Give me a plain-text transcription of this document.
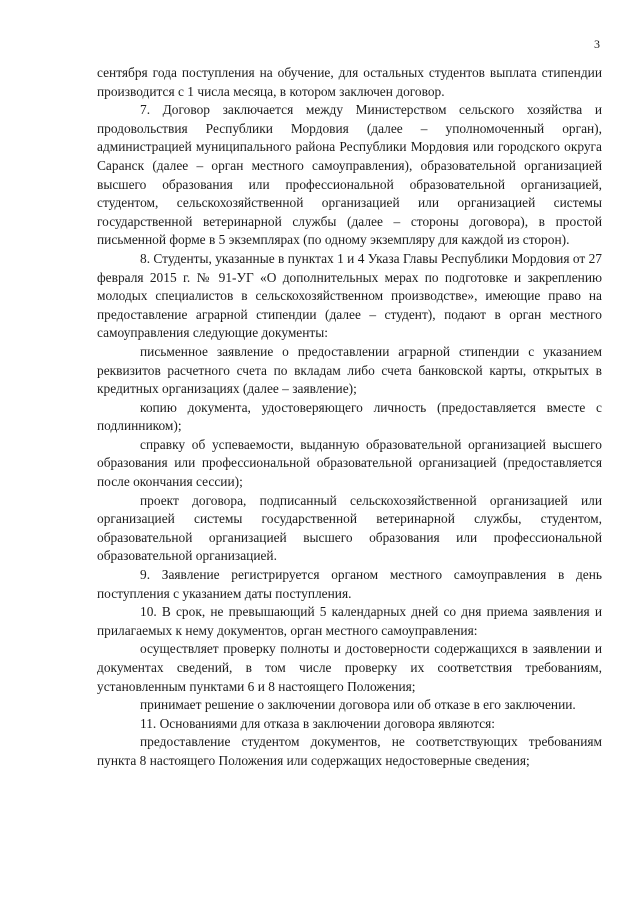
3

сентября года поступления на обучение, для остальных студентов выплата стипендии производится с 1 числа месяца, в котором заключен договор.

7. Договор заключается между Министерством сельского хозяйства и продовольствия Республики Мордовия (далее – уполномоченный орган), администрацией муниципального района Республики Мордовия или городского округа Саранск (далее – орган местного самоуправления), образовательной организацией высшего образования или профессиональной образовательной организацией, студентом, сельскохозяйственной организацией или организацией системы государственной ветеринарной службы (далее – стороны договора), в простой письменной форме в 5 экземплярах (по одному экземпляру для каждой из сторон).

8. Студенты, указанные в пунктах 1 и 4 Указа Главы Республики Мордовия от 27 февраля 2015 г. № 91-УГ «О дополнительных мерах по подготовке и закреплению молодых специалистов в сельскохозяйственном производстве», имеющие право на предоставление аграрной стипендии (далее – студент), подают в орган местного самоуправления следующие документы:

письменное заявление о предоставлении аграрной стипендии с указанием реквизитов расчетного счета по вкладам либо счета банковской карты, открытых в кредитных организациях (далее – заявление);

копию документа, удостоверяющего личность (предоставляется вместе с подлинником);

справку об успеваемости, выданную образовательной организацией высшего образования или профессиональной образовательной организацией (предоставляется после окончания сессии);

проект договора, подписанный сельскохозяйственной организацией или организацией системы государственной ветеринарной службы, студентом, образовательной организацией высшего образования или профессиональной образовательной организацией.

9. Заявление регистрируется органом местного самоуправления в день поступления с указанием даты поступления.

10. В срок, не превышающий 5 календарных дней со дня приема заявления и прилагаемых к нему документов, орган местного самоуправления:

осуществляет проверку полноты и достоверности содержащихся в заявлении и документах сведений, в том числе проверку их соответствия требованиям, установленным пунктами 6 и 8 настоящего Положения;

принимает решение о заключении договора или об отказе в его заключении.

11. Основаниями для отказа в заключении договора являются:

предоставление студентом документов, не соответствующих требованиям пункта 8 настоящего Положения или содержащих недостоверные сведения;
